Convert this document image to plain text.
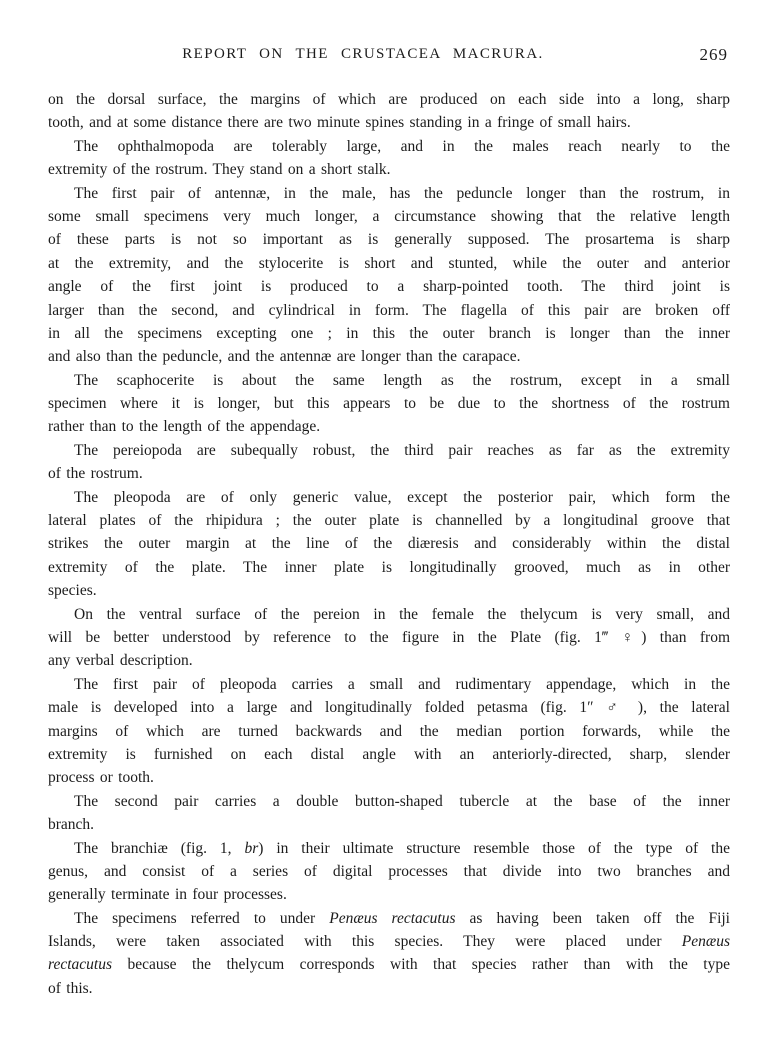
REPORT ON THE CRUSTACEA MACRURA.	269
on the dorsal surface, the margins of which are produced on each side into a long, sharp
tooth, and at some distance there are two minute spines standing in a fringe of small hairs.
The ophthalmopoda are tolerably large, and in the males reach nearly to the
extremity of the rostrum. They stand on a short stalk.
The first pair of antennæ, in the male, has the peduncle longer than the rostrum, in
some small specimens very much longer, a circumstance showing that the relative length
of these parts is not so important as is generally supposed. The prosartema is sharp
at the extremity, and the stylocerite is short and stunted, while the outer and anterior
angle of the first joint is produced to a sharp-pointed tooth. The third joint is
larger than the second, and cylindrical in form. The flagella of this pair are broken off
in all the specimens excepting one ; in this the outer branch is longer than the inner
and also than the peduncle, and the antennæ are longer than the carapace.
The scaphocerite is about the same length as the rostrum, except in a small
specimen where it is longer, but this appears to be due to the shortness of the rostrum
rather than to the length of the appendage.
The pereiopoda are subequally robust, the third pair reaches as far as the extremity
of the rostrum.
The pleopoda are of only generic value, except the posterior pair, which form the
lateral plates of the rhipidura ; the outer plate is channelled by a longitudinal groove that
strikes the outer margin at the line of the diæresis and considerably within the distal
extremity of the plate. The inner plate is longitudinally grooved, much as in other
species.
On the ventral surface of the pereion in the female the thelycum is very small, and
will be better understood by reference to the figure in the Plate (fig. 1‴ ♀) than from
any verbal description.
The first pair of pleopoda carries a small and rudimentary appendage, which in the
male is developed into a large and longitudinally folded petasma (fig. 1″ ♂ ), the lateral
margins of which are turned backwards and the median portion forwards, while the
extremity is furnished on each distal angle with an anteriorly-directed, sharp, slender
process or tooth.
The second pair carries a double button-shaped tubercle at the base of the inner
branch.
The branchiæ (fig. 1, br) in their ultimate structure resemble those of the type of the
genus, and consist of a series of digital processes that divide into two branches and
generally terminate in four processes.
The specimens referred to under Penæus rectacutus as having been taken off the Fiji
Islands, were taken associated with this species. They were placed under Penæus
rectacutus because the thelycum corresponds with that species rather than with the type
of this.
